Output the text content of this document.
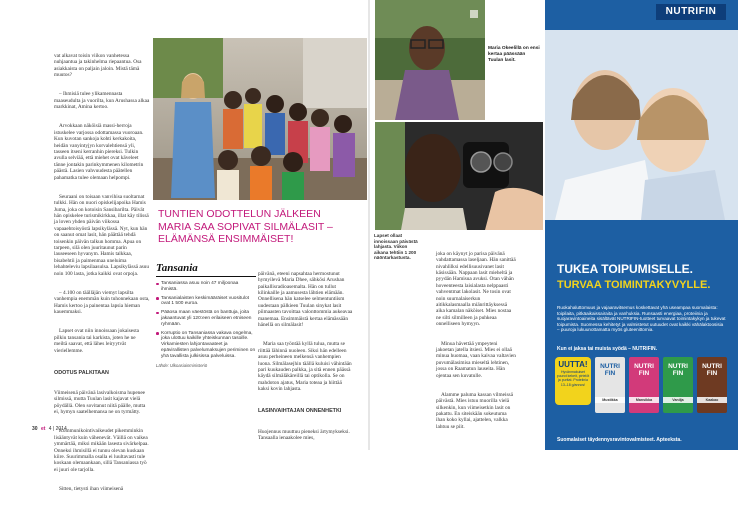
vat alkavat toisin viikon vanhetessa nuhjaantua ja takinhelma riepaantua. Osa asiakkaista on paljain jaloin. Mistä tämä muutos?

– Ihmisiä tulee ylikamennasta maaseudulta ja vuorilta, kun Arushassa alkaa markkinat, Amina kertoo.

Arvokkaan näköisiä massi-herroja istuskelee varjossa odottamassa vuoroaan. Kun kuvotan sankoja kohti kerkakoita, heidän vanyintyjyn korvalehtiensä yli, tasseen itseni kerranhin piereksi. Tulkin avulla selviää, että miehet ovat käveleet tänne jontakin parinkymmenen kilometrin päästä. Lasien vahvuudesta päätellen pahamatka tulee olemaan helpompi.

Seuraani on toisaan vanvihisa suoltarnat tulkki. Hän on nuori opiskelijapoika Hamis Juma, joka on kotoisin Sansibarilta. Päivät hän opiskelee turismikirkkaa, illat käy tilissä ja loven yhden päivän viikossa vapaaehtoisyöstä lapsikylässä. Nyt, kun hän on saanut omat lasit, hän päättää tehdä toisenkin päivän talkun homma. Apua on tarpeen, silä olen juuritaunut parin lauseeseen hyvanym. Hamis talkkaa, bisabehtii ja paimenmaa uneluima lehahteleviu lapsilaasulsa. Lapsikylässä asuu noin 100 lasta, jotka kaikki ovat orpoja.

– 4.100 on täälläjän viemyt lapsilta vanhempia enemmän kuin tuhonnekaan osta, Hamis kertoo ja painentaa lapsia hieman kauemmaksi.

Lapset ovat niin innoissaan jokaisesta pilkiu tansania tai karkista, joten he ne meiltä saavat, että lähes leiryytvät vieriellemme.

ODOTUS PALKITAAN

Viimeisenä päivänä lasivalkoisma hupenee silmissä, mutta Tuulan lasit kajavat vielä pöydällä. Olen sovitanut niitä päälle, mutta ei, hymyn saatelhemansa ne on tyrmätty.

Kommunikointivaikeudet pikemminkin lisääntyvät kuin vähenevät. Väillä on vaikea ymmärtää, miksi mikään lasesta sivärkelpaa. Onneksi ihmisillä ei tunnu olevan kuskaan kiire. Suurimmalla osalla ei luultavasti tule koskaan olemaankaan, sillä Tansaniassa työ ei juuri ole tarjolla.

Sitten, tietysti ihan viimeisenä

Maria Okeelillä on ensi kertaa päässään Tuulan lasit.
TUNTIEN ODOTTELUN JÄLKEEN MARIA SAA SOPIVAT SILMÄLASIT – ELÄMÄNSÄ ENSIMMÄISET!

Tansania

Tansaniassa asuu noin 47 miljoonaa ihmistä.
Tansanialaisten keskimääräiset vuositulot ovat 1 500 euroa.
Pääosa maan väestöstä on banttuja, joita jakaantuvat yli 120:een erilaiseen etniseen ryhmään.
Korruptio on Tansaniassa vakava ongelma, joka ulottuu kaikille yhteiskunnan tasoille. Virkamiesten lahjontavaateet ja epävirallisten palvelumaksujen periminen on yhä tavallista julkisissa palveluissa.

Lähde: Ulkoasiainministeriö

päivänä, eteeni napsahtaa hermostunut hymyilevä Maria Dhee, sähkösi Arushan paikallisradioasemalta. Hän on tullut kilinkaille ja aamusesta lähtien elämään. Onnellisena hän katselee selmentuntiism uudestaan pälkieen Tuulan sinykat lasit piimaasten tavoittaa valonttommia aukeavaa manemaa. Ensimmäistä kertaa elämässään hänellä on silmälasit!

Maria saa työntää kyllä tulua, mutta se riittää lähinnä nuoleen. Siksi hän edelleen asuu perheineen melkensä vanhempien luona. Silmälasejhin täällä kuluisi vähintään pari kuukauden palkka, ja sitä ennen päässä käydä silmäläkäreillä tai optikolla. Se on mahdoton ajatus, Maria toteaa ja hiittää kaksi kovin lahjasta.

LASINVAIHTAJAN ONNENHETKI

Huojennus muuttuu pieneksi ärtymykseksi. Tansaalla ienaakolee mies,

Lapset ollaat innoissaan päivästä lahjasta. Viikon aikana tehtiin 1 200 näöntarkastusta.

joka on käynyt jo parisa päivänä vahdattamassa laseljaan. Hän sanittää nivahlilksi edellisuusivanet lasit käsissään. Nappaan lasit mieheltä ja pyydän Hamisua avuksi. Otan vähän hoveenteesta laisialasta nelppaasti vahventmat lakolasit. Ne tosin ovat noin suurnalaiserkun aitikkalasmaalla miänrittäyksessä aika kamalan näköiset. Mies nostaa ne silti silmilleen ja puhkeaa onnelliseen hymyyn.

Minua hävettää ympeyteni jakoetan jatella itsiesi. Mies ei ollaä minua huomaa, vaan kaivaa valtavien puvumälasimisa mieseltä lehtinen, jossa on Raamatun lauseita. Hän ojentaa sen kuvatulle.

Alamme paluma kassan vilmeissä päivästä. Mies istuu muorilla vielä silkenkin, kun viimeisetkin lasit on pakattu. En siteiskään sokeutuma ihan koko kyllai, ajattelen, valkka lahtuu se piit.

30 et 4 | 2014
NUTRIFIN

TUKEA TOIPUMISELLE.

TURVAA TOIMINTAKYVYLLE.

Ruokahaluttomuus ja vajaaravitsemus koskettavat yhä useampaa suomalaista: toipilaita, pitkäaikaissairaita ja vanhuksia. Runsaasti energiaa, proteiinia ja suojaravintoaineita sisältävät NUTRIFIN-tuotteet turvaavat toimintakykyn ja tukevat toipumista. Suomessa kehitetyt ja valmistetut uutuudet ovat kaikki vähälaktoosisia – puuroja lukuunottamatta myös gluteenittomia.

Kun ei jaksa tai muista syödä – NUTRIFIN.

UUTTA!
Hyvänmakuiset puurot kekeit, pirtelöt ja puritat. Proteiinia 13–18 g/annos!
NUTRI FIN
Mustikka
NUTRI FIN
Mansikka
NUTRI FIN
Vanilja
NUTRI FIN
Kaakao

Suomalaiset täydennysravintovalmisteet. Apteeksta.
